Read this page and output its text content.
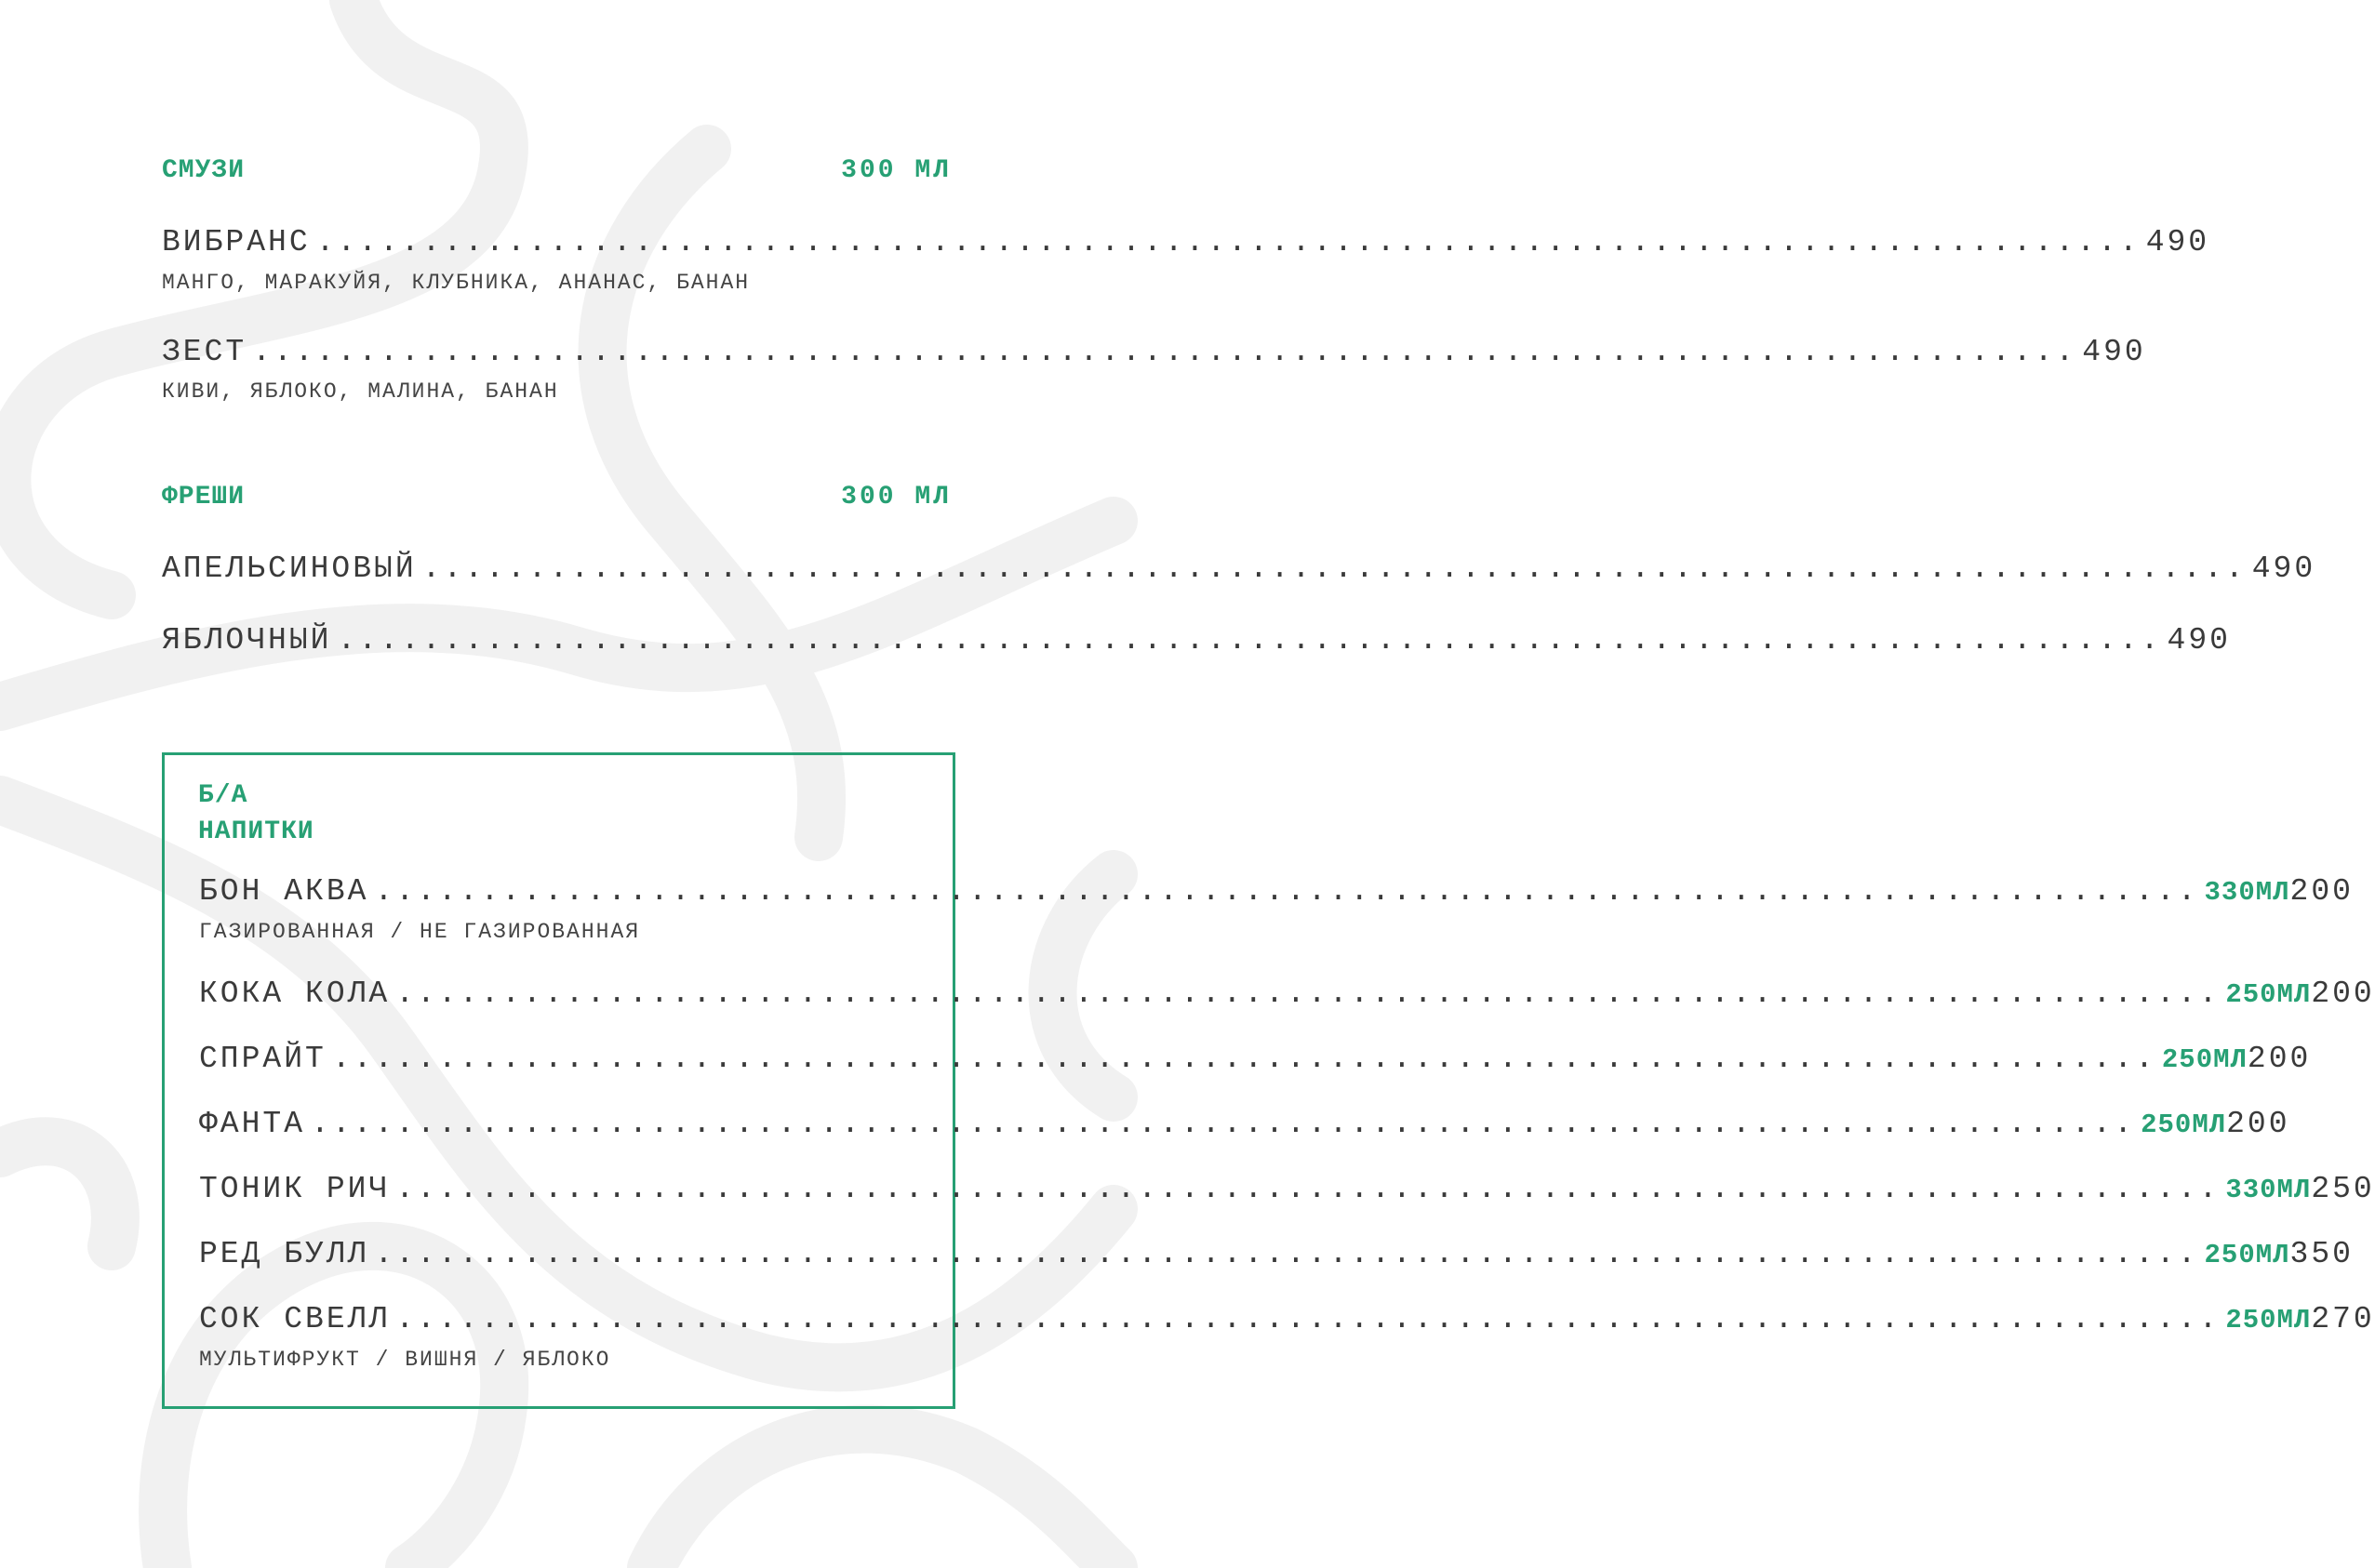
СМУЗИ	300 МЛ
ВИБРАНС ...................................................................................... 490
МАНГО, МАРАКУЙЯ, КЛУБНИКА, АНАНАС, БАНАН
ЗЕСТ ...................................................................................... 490
КИВИ, ЯБЛОКО, МАЛИНА, БАНАН
ФРЕШИ	300 МЛ
АПЕЛЬСИНОВЫЙ ...................................................................................... 490
ЯБЛОЧНЫЙ ...................................................................................... 490
Б/А
НАПИТКИ
БОН АКВА ...................................................................................... 330МЛ 200
ГАЗИРОВАННАЯ / НЕ ГАЗИРОВАННАЯ
КОКА КОЛА ...................................................................................... 250МЛ 200
СПРАЙТ ...................................................................................... 250МЛ 200
ФАНТА ...................................................................................... 250МЛ 200
ТОНИК РИЧ ...................................................................................... 330МЛ 250
РЕД БУЛЛ ...................................................................................... 250МЛ 350
СОК СВЕЛЛ ...................................................................................... 250МЛ 270
МУЛЬТИФРУКТ / ВИШНЯ / ЯБЛОКО
